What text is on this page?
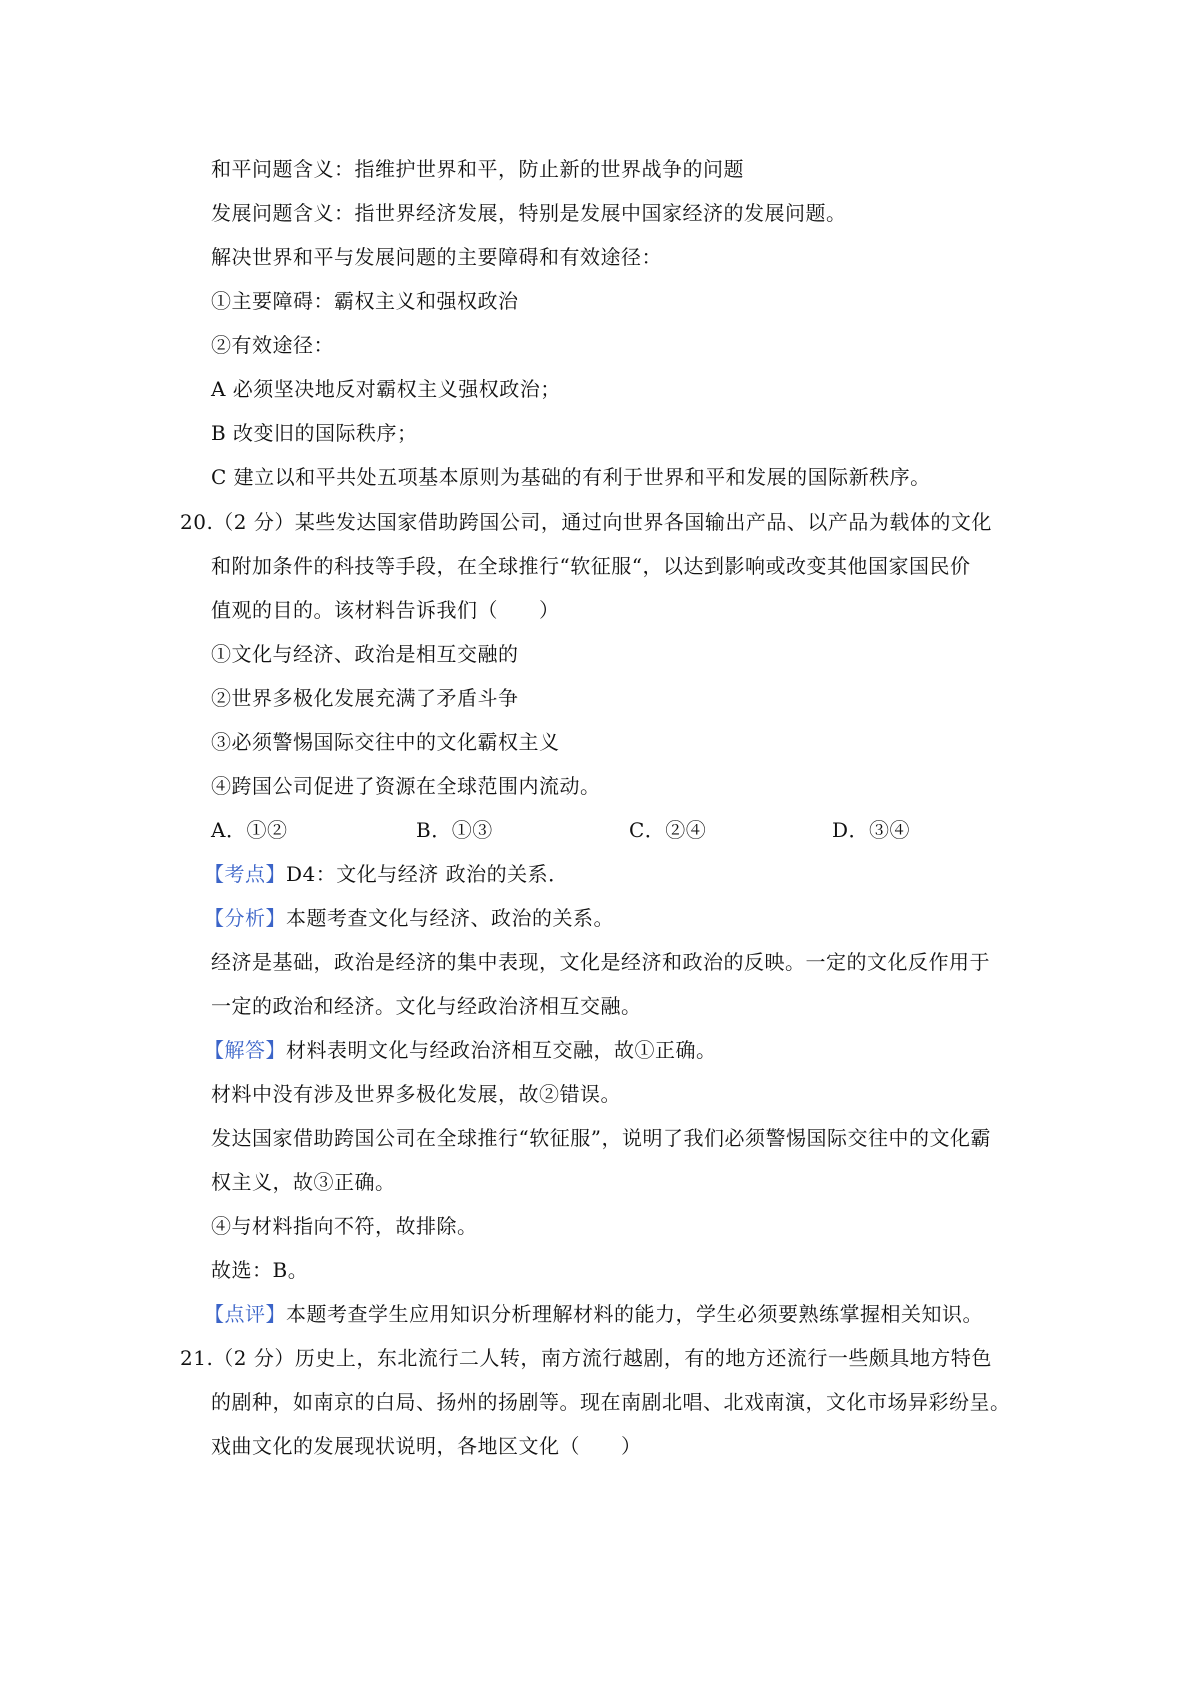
和平问题含义：指维护世界和平，防止新的世界战争的问题
发展问题含义：指世界经济发展，特别是发展中国家经济的发展问题。
解决世界和平与发展问题的主要障碍和有效途径：
①主要障碍：霸权主义和强权政治
②有效途径：
A 必须坚决地反对霸权主义强权政治；
B 改变旧的国际秩序；
C 建立以和平共处五项基本原则为基础的有利于世界和平和发展的国际新秩序。
20.（2 分）某些发达国家借助跨国公司，通过向世界各国输出产品、以产品为载体的文化
和附加条件的科技等手段，在全球推行“软征服“，以达到影响或改变其他国家国民价
值观的目的。该材料告诉我们（　　）
①文化与经济、政治是相互交融的
②世界多极化发展充满了矛盾斗争
③必须警惕国际交往中的文化霸权主义
④跨国公司促进了资源在全球范围内流动。
A．①②	B．①③	C．②④	D．③④
【考点】D4：文化与经济 政治的关系．
【分析】本题考查文化与经济、政治的关系。
经济是基础，政治是经济的集中表现，文化是经济和政治的反映。一定的文化反作用于
一定的政治和经济。文化与经政治济相互交融。
【解答】材料表明文化与经政治济相互交融，故①正确。
材料中没有涉及世界多极化发展，故②错误。
发达国家借助跨国公司在全球推行“软征服”，说明了我们必须警惕国际交往中的文化霸
权主义，故③正确。
④与材料指向不符，故排除。
故选：B。
【点评】本题考查学生应用知识分析理解材料的能力，学生必须要熟练掌握相关知识。
21.（2 分）历史上，东北流行二人转，南方流行越剧，有的地方还流行一些颇具地方特色
的剧种，如南京的白局、扬州的扬剧等。现在南剧北唱、北戏南演，文化市场异彩纷呈。
戏曲文化的发展现状说明，各地区文化（　　）
